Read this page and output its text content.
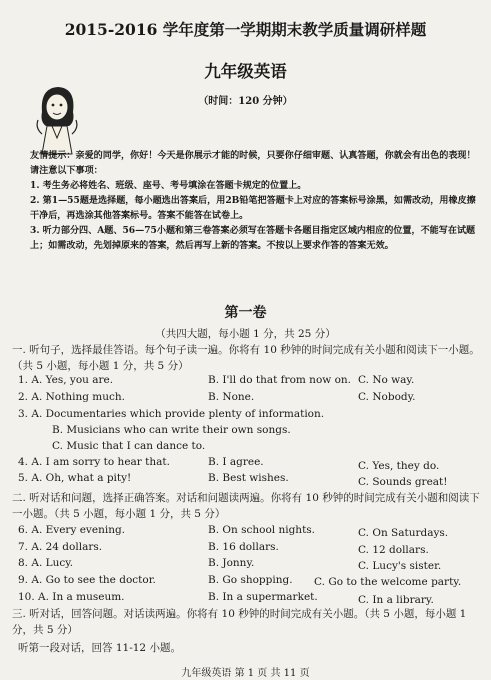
2015-2016 学年度第一学期期末教学质量调研样题
九年级英语
（时间：120 分钟）

友情提示：亲爱的同学，你好！今天是你展示才能的时候，只要你仔细审题、认真答题，你就会有出色的表现！请注意以下事项：

1. 考生务必将姓名、班级、座号、考号填涂在答题卡规定的位置上。

2. 第1—55题是选择题，每小题选出答案后，用2B铅笔把答题卡上对应的答案标号涂黑，如需改动，用橡皮擦干净后，再选涂其他答案标号。答案不能答在试卷上。

3. 听力部分四、A题、56—75小题和第三卷答案必须写在答题卡各题目指定区域内相应的位置，不能写在试题上；如需改动，先划掉原来的答案，然后再写上新的答案。不按以上要求作答的答案无效。

第一卷
（共四大题，每小题 1 分，共 25 分）
一. 听句子，选择最佳答语。每个句子读一遍。你将有 10 秒钟的时间完成有关小题和阅读下一小题。（共 5 小题，每小题 1 分，共 5 分）
1. A. Yes, you are.	B. I'll do that from now on. C. No way.
2. A. Nothing much.	B. None.	C. Nobody.
3. A. Documentaries which provide plenty of information.
B. Musicians who can write their own songs.
C. Music that I can dance to.
4. A. I am sorry to hear that.	B. I agree.	C. Yes, they do.
5. A. Oh, what a pity!	B. Best wishes.	C. Sounds great!
二. 听对话和问题，选择正确答案。对话和问题读两遍。你将有 10 秒钟的时间完成有关小题和阅读下一小题。（共 5 小题，每小题 1 分，共 5 分）
6. A. Every evening.	B. On school nights.	C. On Saturdays.
7. A. 24 dollars.	B. 16 dollars.	C. 12 dollars.
8. A. Lucy.	B. Jonny.	C. Lucy's sister.
9. A. Go to see the doctor.	B. Go shopping. C. Go to the welcome party.
10. A. In a museum.	B. In a supermarket.	C. In a library.
三. 听对话，回答问题。对话读两遍。你将有 10 秒钟的时间完成有关小题。（共 5 小题，每小题 1 分，共 5 分）
听第一段对话，回答 11-12 小题。
九年级英语 第 1 页 共 11 页
